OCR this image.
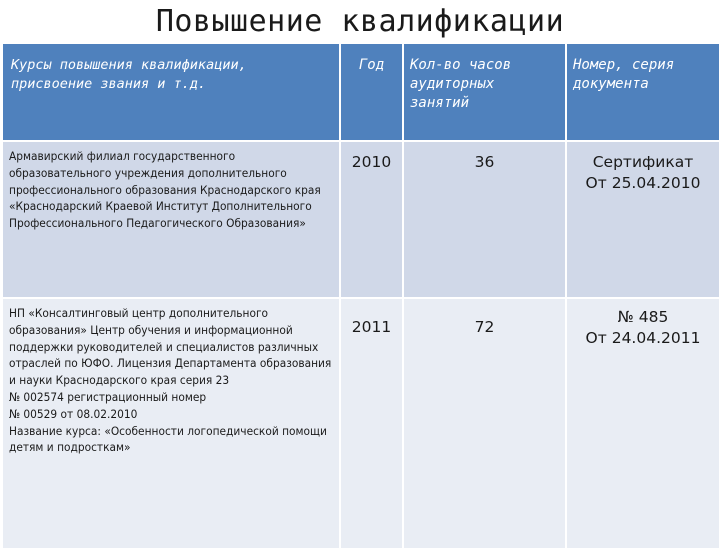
Повышение квалификации
Курсы повышения квалификации, присвоение звания и т.д.	Год	Кол-во часов аудиторных занятий	Номер, серия документа
Армавирский филиал государственного образовательного учреждения дополнительного профессионального образования Краснодарского края «Краснодарский Краевой Институт Дополнительного Профессионального Педагогического Образования»	2010	36	Сертификат
От 25.04.2010

НП «Консалтинговый центр дополнительного образования» Центр обучения и информационной поддержки руководителей и специалистов различных отраслей по ЮФО. Лицензия Департамента образования и науки Краснодарского края серия 23
№ 002574 регистрационный номер
№ 00529 от 08.02.2010
Название курса: «Особенности логопедической помощи детям и подросткам»	2011	72	№ 485
От 24.04.2011
